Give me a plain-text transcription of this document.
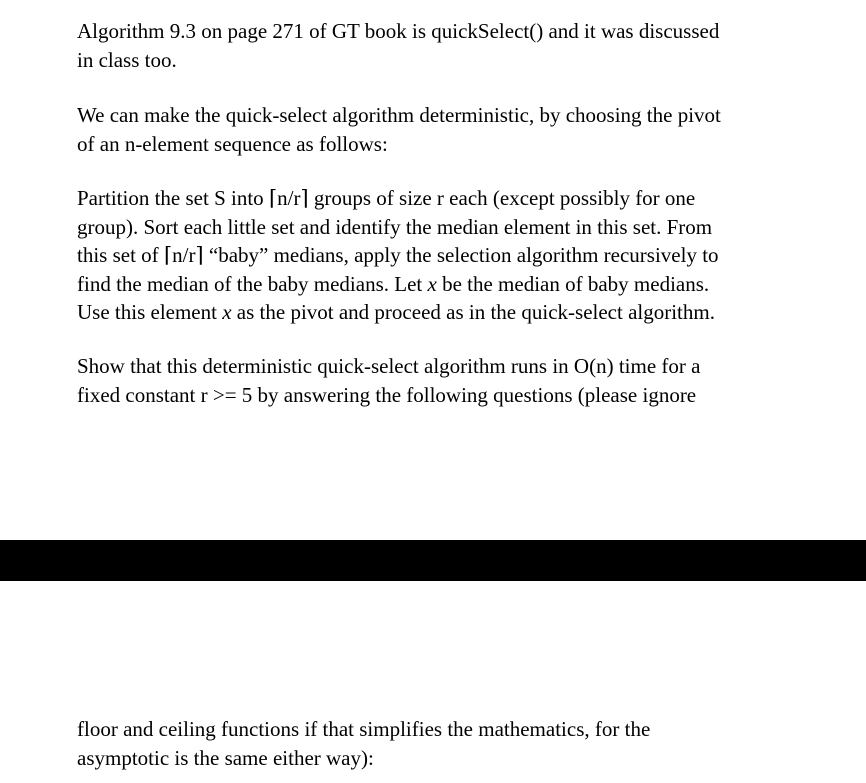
Algorithm 9.3 on page 271 of GT book is quickSelect() and it was discussed
in class too.
We can make the quick-select algorithm deterministic, by choosing the pivot
of an n-element sequence as follows:
Partition the set S into ⌈n/r⌉ groups of size r each (except possibly for one
group). Sort each little set and identify the median element in this set. From
this set of ⌈n/r⌉ “baby” medians, apply the selection algorithm recursively to
find the median of the baby medians. Let x be the median of baby medians.
Use this element x as the pivot and proceed as in the quick-select algorithm.
Show that this deterministic quick-select algorithm runs in O(n) time for a
fixed constant r >= 5 by answering the following questions (please ignore
floor and ceiling functions if that simplifies the mathematics, for the
asymptotic is the same either way):
